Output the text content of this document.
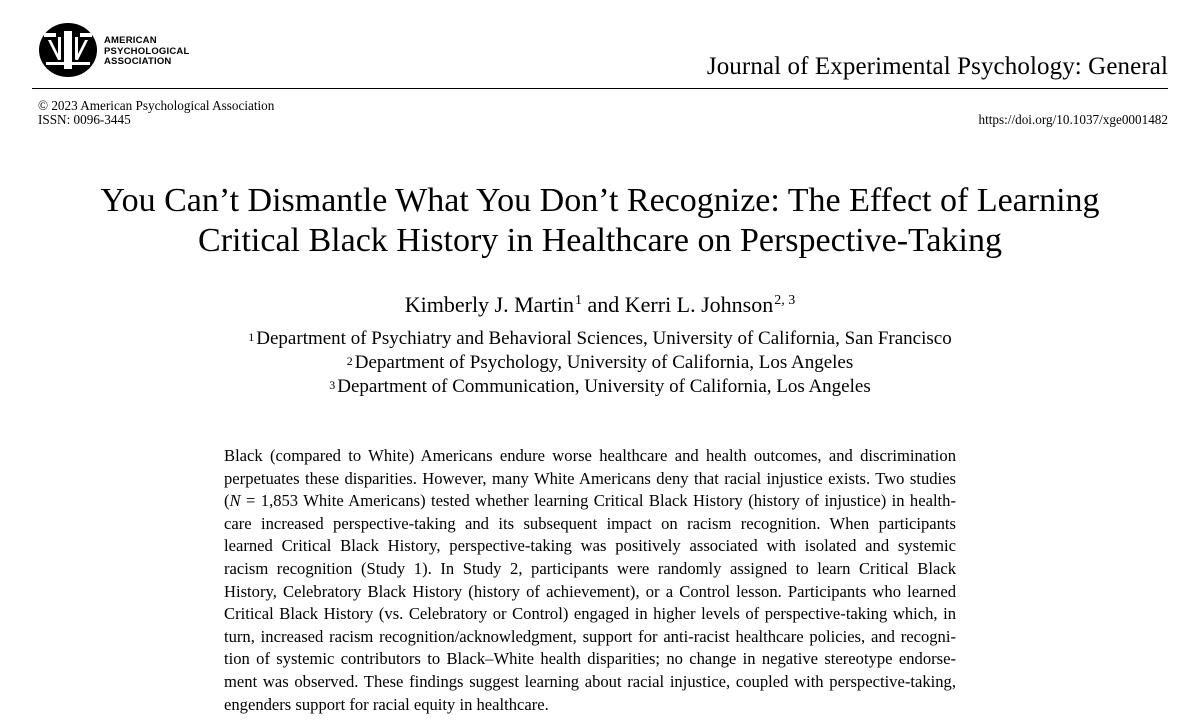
AMERICAN
PSYCHOLOGICAL
ASSOCIATION	Journal of Experimental Psychology: General
© 2023 American Psychological Association
ISSN: 0096-3445	https://doi.org/10.1037/xge0001482
You Can’t Dismantle What You Don’t Recognize: The Effect of Learning
Critical Black History in Healthcare on Perspective-Taking
Kimberly J. Martin$^1$ and Kerri L. Johnson$^{2, 3}$
$^1$ Department of Psychiatry and Behavioral Sciences, University of California, San Francisco
$^2$ Department of Psychology, University of California, Los Angeles
$^3$ Department of Communication, University of California, Los Angeles
Black (compared to White) Americans endure worse healthcare and health outcomes, and discrimination
perpetuates these disparities. However, many White Americans deny that racial injustice exists. Two studies
(N = 1,853 White Americans) tested whether learning Critical Black History (history of injustice) in health-
care increased perspective-taking and its subsequent impact on racism recognition. When participants
learned Critical Black History, perspective-taking was positively associated with isolated and systemic
racism recognition (Study 1). In Study 2, participants were randomly assigned to learn Critical Black
History, Celebratory Black History (history of achievement), or a Control lesson. Participants who learned
Critical Black History (vs. Celebratory or Control) engaged in higher levels of perspective-taking which, in
turn, increased racism recognition/acknowledgment, support for anti-racist healthcare policies, and recogni-
tion of systemic contributors to Black–White health disparities; no change in negative stereotype endorse-
ment was observed. These findings suggest learning about racial injustice, coupled with perspective-taking,
engenders support for racial equity in healthcare.
